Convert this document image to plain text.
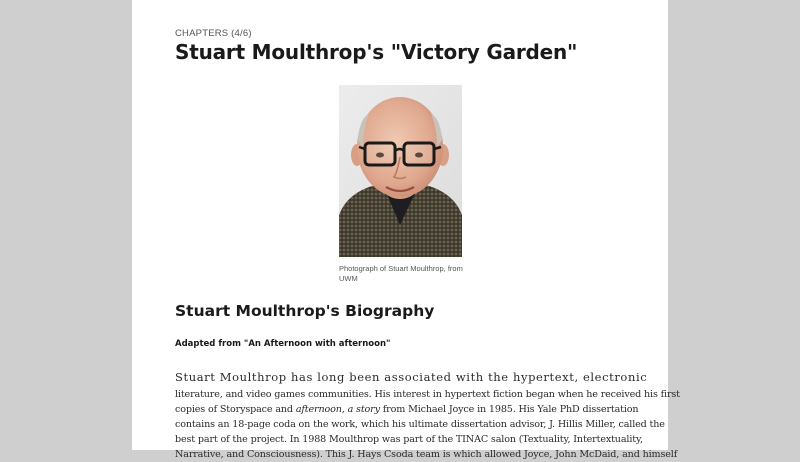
CHAPTERS (4/6)
Stuart Moulthrop's "Victory Garden"
Photograph of Stuart Moulthrop, from UWM
Stuart Moulthrop's Biography
Adapted from "An Afternoon with afternoon"
Stuart Moulthrop has long been associated with the hypertext, electronic
literature, and video games communities. His interest in hypertext fiction began when he received his first
copies of Storyspace and afternoon, a story from Michael Joyce in 1985. His Yale PhD dissertation
contains an 18-page coda on the work, which his ultimate dissertation advisor, J. Hillis Miller, called the
best part of the project. In 1988 Moulthrop was part of the TINAC salon (Textuality, Intertextuality,
Narrative, and Consciousness). This J. Hays Csoda team is which allowed Joyce, John McDaid, and himself
